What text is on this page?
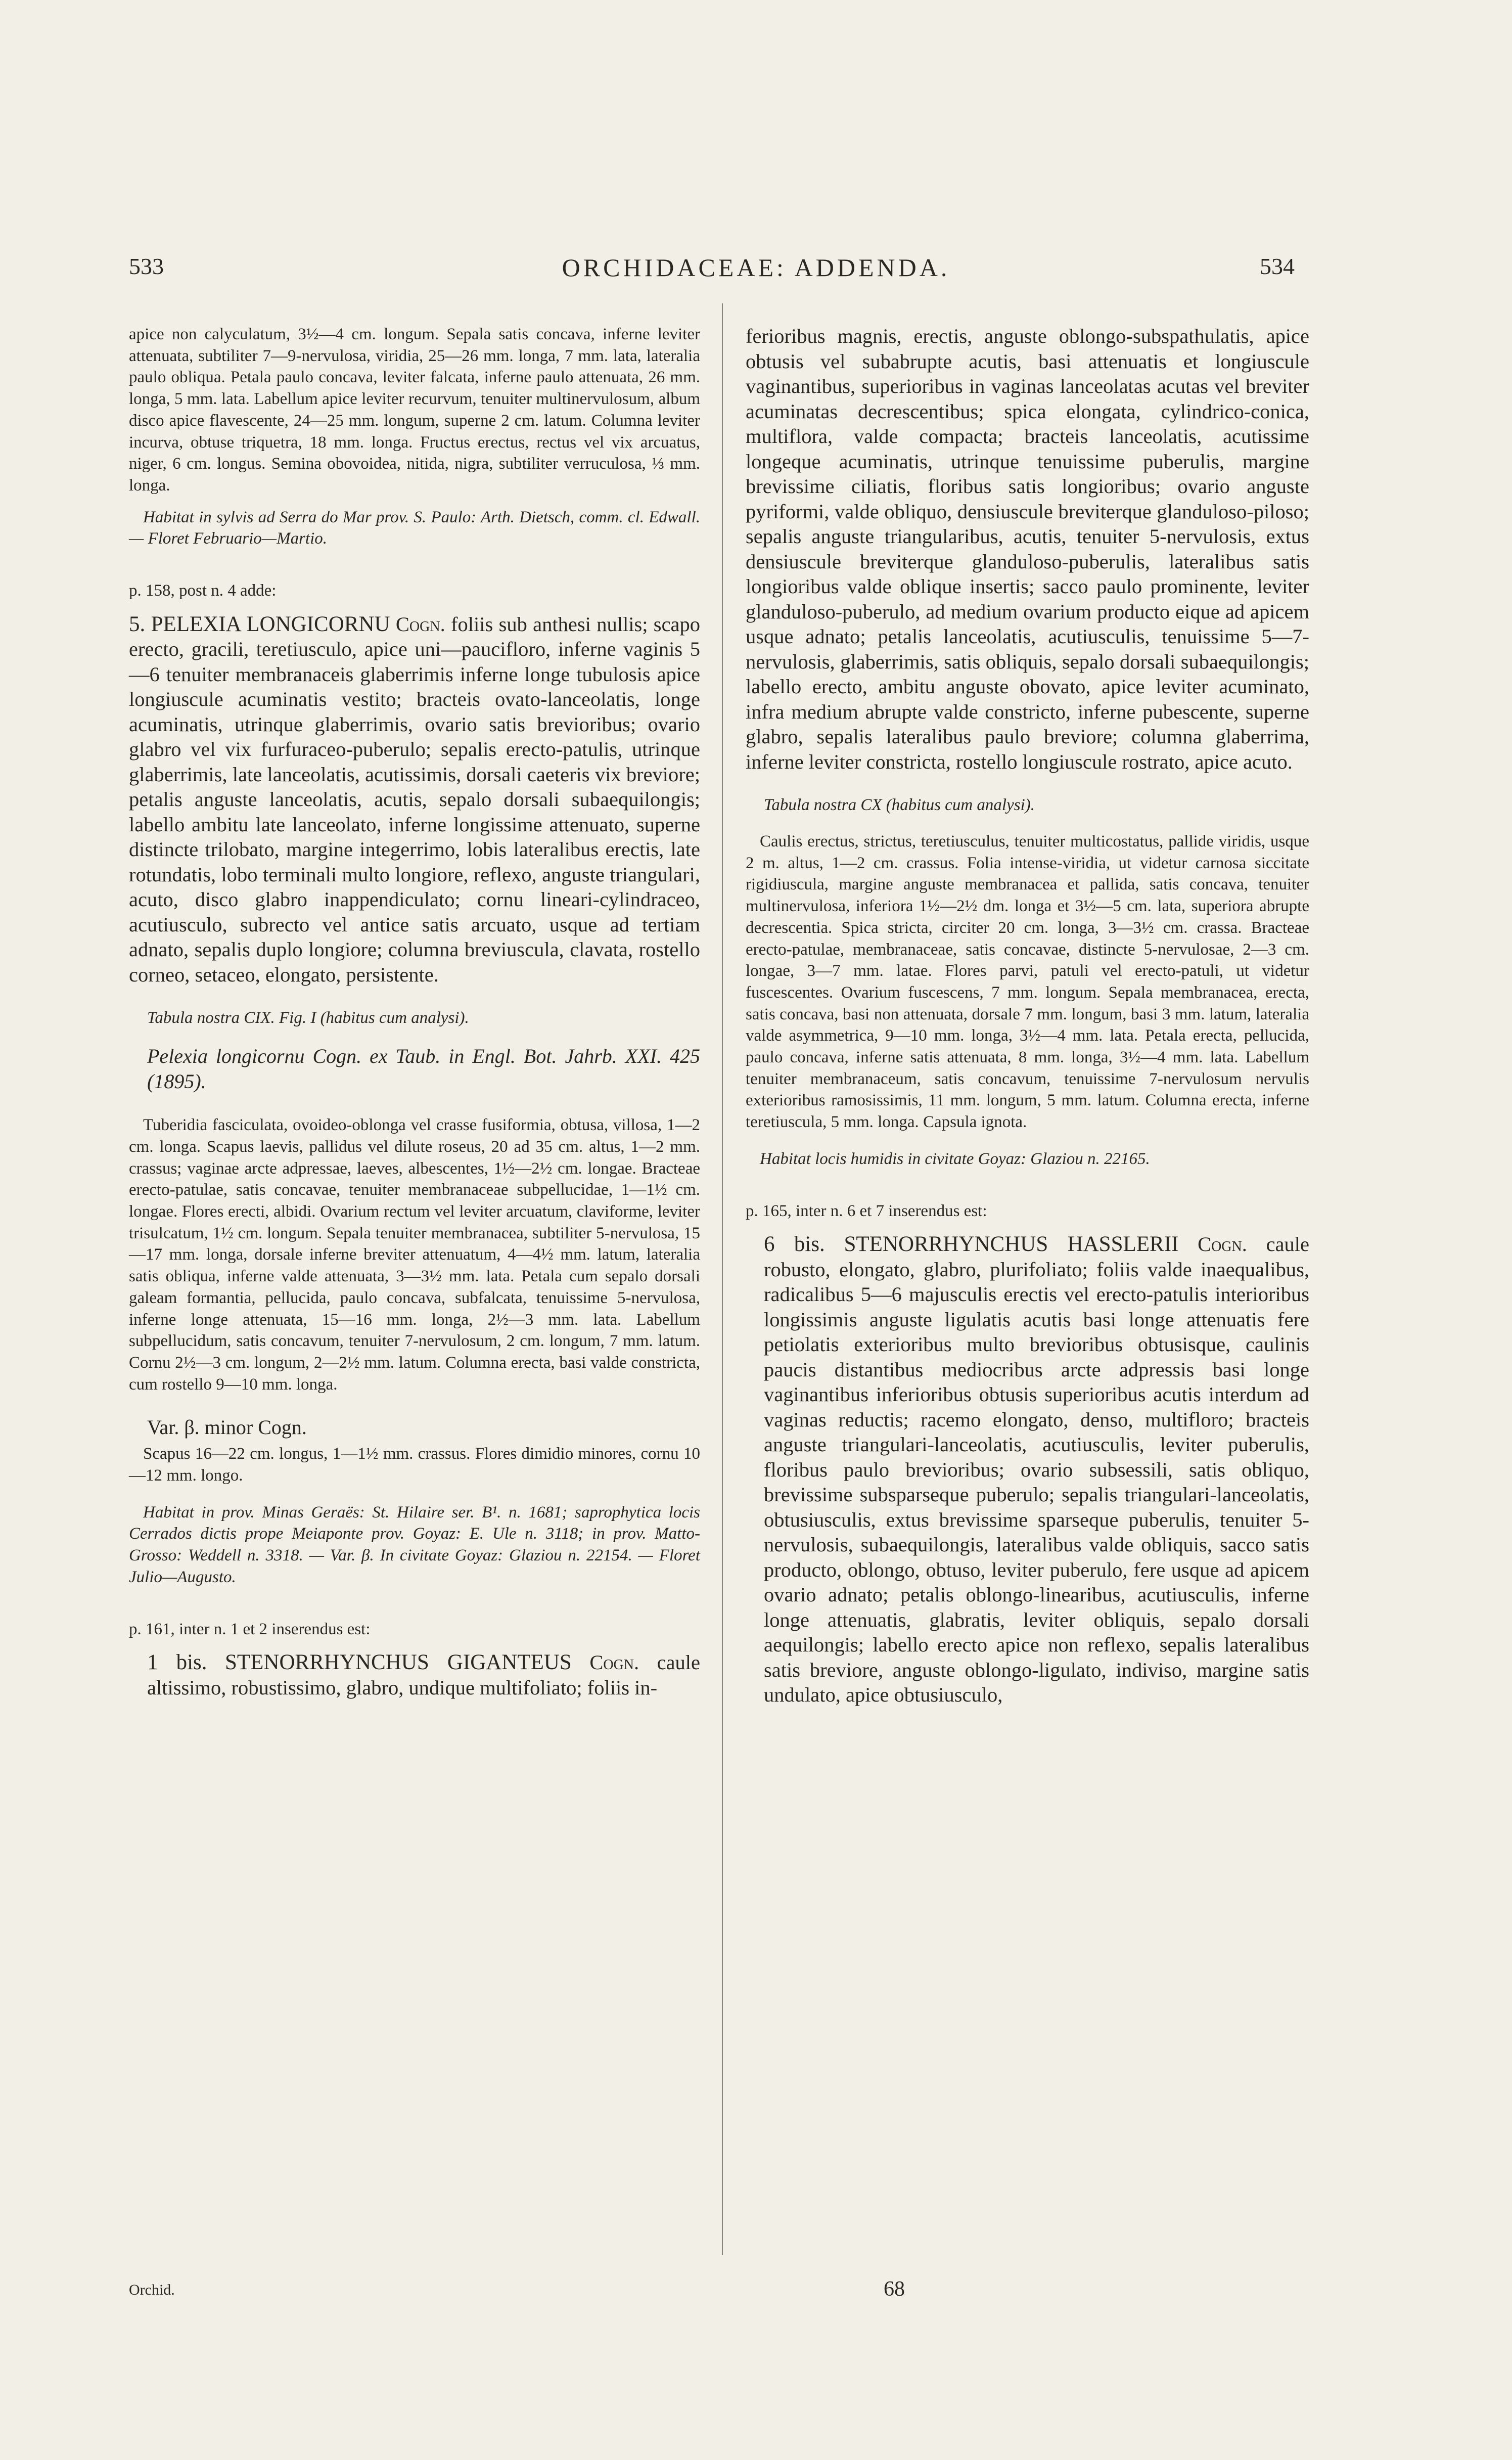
533	ORCHIDACEAE: ADDENDA.	534

apice non calyculatum, 3½—4 cm. longum. Sepala satis concava, inferne leviter attenuata, subtiliter 7—9-nervulosa, viridia, 25—26 mm. longa, 7 mm. lata, lateralia paulo obliqua. Petala paulo concava, leviter falcata, inferne paulo attenuata, 26 mm. longa, 5 mm. lata. Labellum apice leviter recurvum, tenuiter multinervulosum, album disco apice flavescente, 24—25 mm. longum, superne 2 cm. latum. Columna leviter incurva, obtuse triquetra, 18 mm. longa. Fructus erectus, rectus vel vix arcuatus, niger, 6 cm. longus. Semina obovoidea, nitida, nigra, subtiliter verruculosa, ⅓ mm. longa.

Habitat in sylvis ad Serra do Mar prov. S. Paulo: Arth. Dietsch, comm. cl. Edwall. — Floret Februario—Martio.

p. 158, post n. 4 adde:

5. PELEXIA LONGICORNU Cogn. foliis sub anthesi nullis; scapo erecto, gracili, teretiusculo, apice uni—paucifloro, inferne vaginis 5—6 tenuiter membranaceis glaberrimis inferne longe tubulosis apice longiuscule acuminatis vestito; bracteis ovato-lanceolatis, longe acuminatis, utrinque glaberrimis, ovario satis brevioribus; ovario glabro vel vix furfuraceo-puberulo; sepalis erecto-patulis, utrinque glaberrimis, late lanceolatis, acutissimis, dorsali caeteris vix breviore; petalis anguste lanceolatis, acutis, sepalo dorsali subaequilongis; labello ambitu late lanceolato, inferne longissime attenuato, superne distincte trilobato, margine integerrimo, lobis lateralibus erectis, late rotundatis, lobo terminali multo longiore, reflexo, anguste triangulari, acuto, disco glabro inappendiculato; cornu lineari-cylindraceo, acutiusculo, subrecto vel antice satis arcuato, usque ad tertiam adnato, sepalis duplo longiore; columna breviuscula, clavata, rostello corneo, setaceo, elongato, persistente.

Tabula nostra CIX. Fig. I (habitus cum analysi).

Pelexia longicornu Cogn. ex Taub. in Engl. Bot. Jahrb. XXI. 425 (1895).

Tuberidia fasciculata, ovoideo-oblonga vel crasse fusiformia, obtusa, villosa, 1—2 cm. longa. Scapus laevis, pallidus vel dilute roseus, 20 ad 35 cm. altus, 1—2 mm. crassus; vaginae arcte adpressae, laeves, albescentes, 1½—2½ cm. longae. Bracteae erecto-patulae, satis concavae, tenuiter membranaceae subpellucidae, 1—1½ cm. longae. Flores erecti, albidi. Ovarium rectum vel leviter arcuatum, claviforme, leviter trisulcatum, 1½ cm. longum. Sepala tenuiter membranacea, subtiliter 5-nervulosa, 15—17 mm. longa, dorsale inferne breviter attenuatum, 4—4½ mm. latum, lateralia satis obliqua, inferne valde attenuata, 3—3½ mm. lata. Petala cum sepalo dorsali galeam formantia, pellucida, paulo concava, subfalcata, tenuissime 5-nervulosa, inferne longe attenuata, 15—16 mm. longa, 2½—3 mm. lata. Labellum subpellucidum, satis concavum, tenuiter 7-nervulosum, 2 cm. longum, 7 mm. latum. Cornu 2½—3 cm. longum, 2—2½ mm. latum. Columna erecta, basi valde constricta, cum rostello 9—10 mm. longa.

Var. β. minor Cogn.

Scapus 16—22 cm. longus, 1—1½ mm. crassus. Flores dimidio minores, cornu 10—12 mm. longo.

Habitat in prov. Minas Geraës: St. Hilaire ser. B¹. n. 1681; saprophytica locis Cerrados dictis prope Meiaponte prov. Goyaz: E. Ule n. 3118; in prov. Matto-Grosso: Weddell n. 3318. — Var. β. In civitate Goyaz: Glaziou n. 22154. — Floret Julio—Augusto.

p. 161, inter n. 1 et 2 inserendus est:

1 bis. STENORRHYNCHUS GIGANTEUS Cogn. caule altissimo, robustissimo, glabro, undique multifoliato; foliis in-

ferioribus magnis, erectis, anguste oblongo-subspathulatis, apice obtusis vel subabrupte acutis, basi attenuatis et longiuscule vaginantibus, superioribus in vaginas lanceolatas acutas vel breviter acuminatas decrescentibus; spica elongata, cylindrico-conica, multiflora, valde compacta; bracteis lanceolatis, acutissime longeque acuminatis, utrinque tenuissime puberulis, margine brevissime ciliatis, floribus satis longioribus; ovario anguste pyriformi, valde obliquo, densiuscule breviterque glanduloso-piloso; sepalis anguste triangularibus, acutis, tenuiter 5-nervulosis, extus densiuscule breviterque glanduloso-puberulis, lateralibus satis longioribus valde oblique insertis; sacco paulo prominente, leviter glanduloso-puberulo, ad medium ovarium producto eique ad apicem usque adnato; petalis lanceolatis, acutiusculis, tenuissime 5—7-nervulosis, glaberrimis, satis obliquis, sepalo dorsali subaequilongis; labello erecto, ambitu anguste obovato, apice leviter acuminato, infra medium abrupte valde constricto, inferne pubescente, superne glabro, sepalis lateralibus paulo breviore; columna glaberrima, inferne leviter constricta, rostello longiuscule rostrato, apice acuto.

Tabula nostra CX (habitus cum analysi).

Caulis erectus, strictus, teretiusculus, tenuiter multicostatus, pallide viridis, usque 2 m. altus, 1—2 cm. crassus. Folia intense-viridia, ut videtur carnosa siccitate rigidiuscula, margine anguste membranacea et pallida, satis concava, tenuiter multinervulosa, inferiora 1½—2½ dm. longa et 3½—5 cm. lata, superiora abrupte decrescentia. Spica stricta, circiter 20 cm. longa, 3—3½ cm. crassa. Bracteae erecto-patulae, membranaceae, satis concavae, distincte 5-nervulosae, 2—3 cm. longae, 3—7 mm. latae. Flores parvi, patuli vel erecto-patuli, ut videtur fuscescentes. Ovarium fuscescens, 7 mm. longum. Sepala membranacea, erecta, satis concava, basi non attenuata, dorsale 7 mm. longum, basi 3 mm. latum, lateralia valde asymmetrica, 9—10 mm. longa, 3½—4 mm. lata. Petala erecta, pellucida, paulo concava, inferne satis attenuata, 8 mm. longa, 3½—4 mm. lata. Labellum tenuiter membranaceum, satis concavum, tenuissime 7-nervulosum nervulis exterioribus ramosissimis, 11 mm. longum, 5 mm. latum. Columna erecta, inferne teretiuscula, 5 mm. longa. Capsula ignota.

Habitat locis humidis in civitate Goyaz: Glaziou n. 22165.

p. 165, inter n. 6 et 7 inserendus est:

6 bis. STENORRHYNCHUS HASSLERII Cogn. caule robusto, elongato, glabro, plurifoliato; foliis valde inaequalibus, radicalibus 5—6 majusculis erectis vel erecto-patulis interioribus longissimis anguste ligulatis acutis basi longe attenuatis fere petiolatis exterioribus multo brevioribus obtusisque, caulinis paucis distantibus mediocribus arcte adpressis basi longe vaginantibus inferioribus obtusis superioribus acutis interdum ad vaginas reductis; racemo elongato, denso, multifloro; bracteis anguste triangulari-lanceolatis, acutiusculis, leviter puberulis, floribus paulo brevioribus; ovario subsessili, satis obliquo, brevissime subsparseque puberulo; sepalis triangulari-lanceolatis, obtusiusculis, extus brevissime sparseque puberulis, tenuiter 5-nervulosis, subaequilongis, lateralibus valde obliquis, sacco satis producto, oblongo, obtuso, leviter puberulo, fere usque ad apicem ovario adnato; petalis oblongo-linearibus, acutiusculis, inferne longe attenuatis, glabratis, leviter obliquis, sepalo dorsali aequilongis; labello erecto apice non reflexo, sepalis lateralibus satis breviore, anguste oblongo-ligulato, indiviso, margine satis undulato, apice obtusiusculo,

Orchid.	68
